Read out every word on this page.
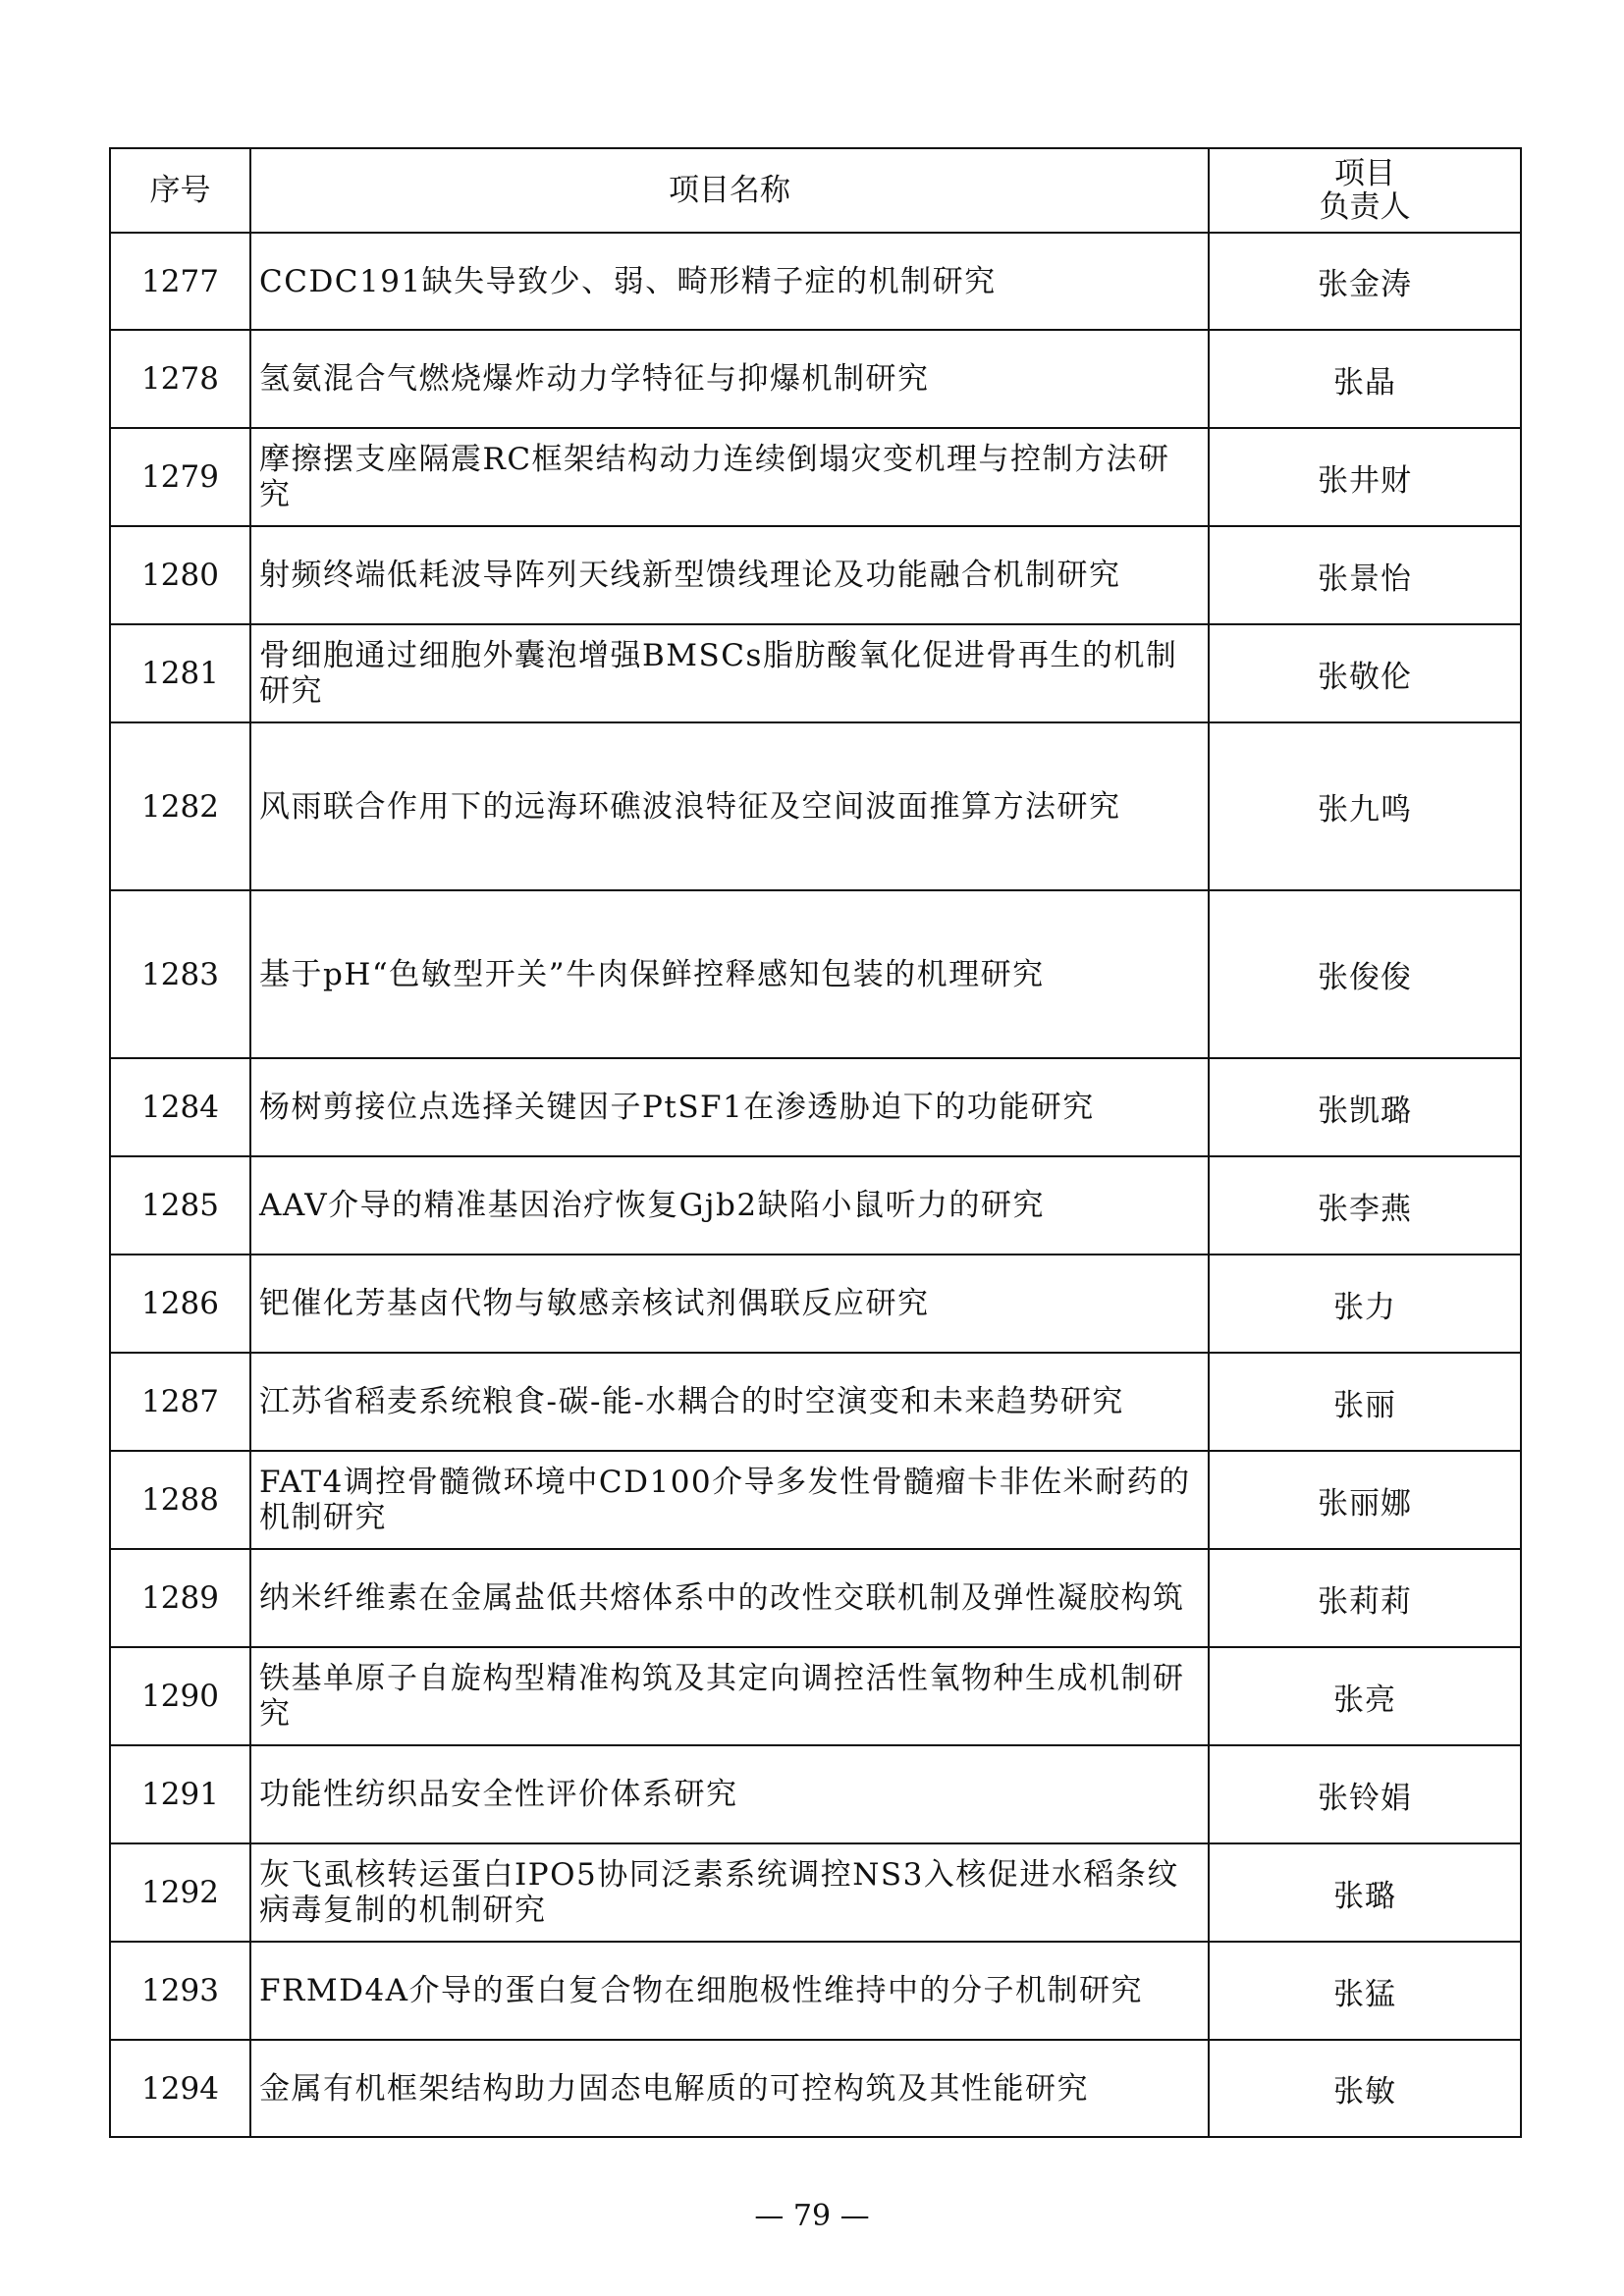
序号	项目名称	项目
负责人

1277	CCDC191缺失导致少、弱、畸形精子症的机制研究	张金涛
1278	氢氨混合气燃烧爆炸动力学特征与抑爆机制研究	张晶
1279	摩擦摆支座隔震RC框架结构动力连续倒塌灾变机理与控制方法研究	张井财
1280	射频终端低耗波导阵列天线新型馈线理论及功能融合机制研究	张景怡
1281	骨细胞通过细胞外囊泡增强BMSCs脂肪酸氧化促进骨再生的机制研究	张敬伦
1282	风雨联合作用下的远海环礁波浪特征及空间波面推算方法研究	张九鸣
1283	基于pH“色敏型开关”牛肉保鲜控释感知包装的机理研究	张俊俊
1284	杨树剪接位点选择关键因子PtSF1在渗透胁迫下的功能研究	张凯璐
1285	AAV介导的精准基因治疗恢复Gjb2缺陷小鼠听力的研究	张李燕
1286	钯催化芳基卤代物与敏感亲核试剂偶联反应研究	张力
1287	江苏省稻麦系统粮食-碳-能-水耦合的时空演变和未来趋势研究	张丽
1288	FAT4调控骨髓微环境中CD100介导多发性骨髓瘤卡非佐米耐药的机制研究	张丽娜
1289	纳米纤维素在金属盐低共熔体系中的改性交联机制及弹性凝胶构筑	张莉莉
1290	铁基单原子自旋构型精准构筑及其定向调控活性氧物种生成机制研究	张亮
1291	功能性纺织品安全性评价体系研究	张铃娟
1292	灰飞虱核转运蛋白IPO5协同泛素系统调控NS3入核促进水稻条纹病毒复制的机制研究	张璐
1293	FRMD4A介导的蛋白复合物在细胞极性维持中的分子机制研究	张猛
1294	金属有机框架结构助力固态电解质的可控构筑及其性能研究	张敏
— 79 —
